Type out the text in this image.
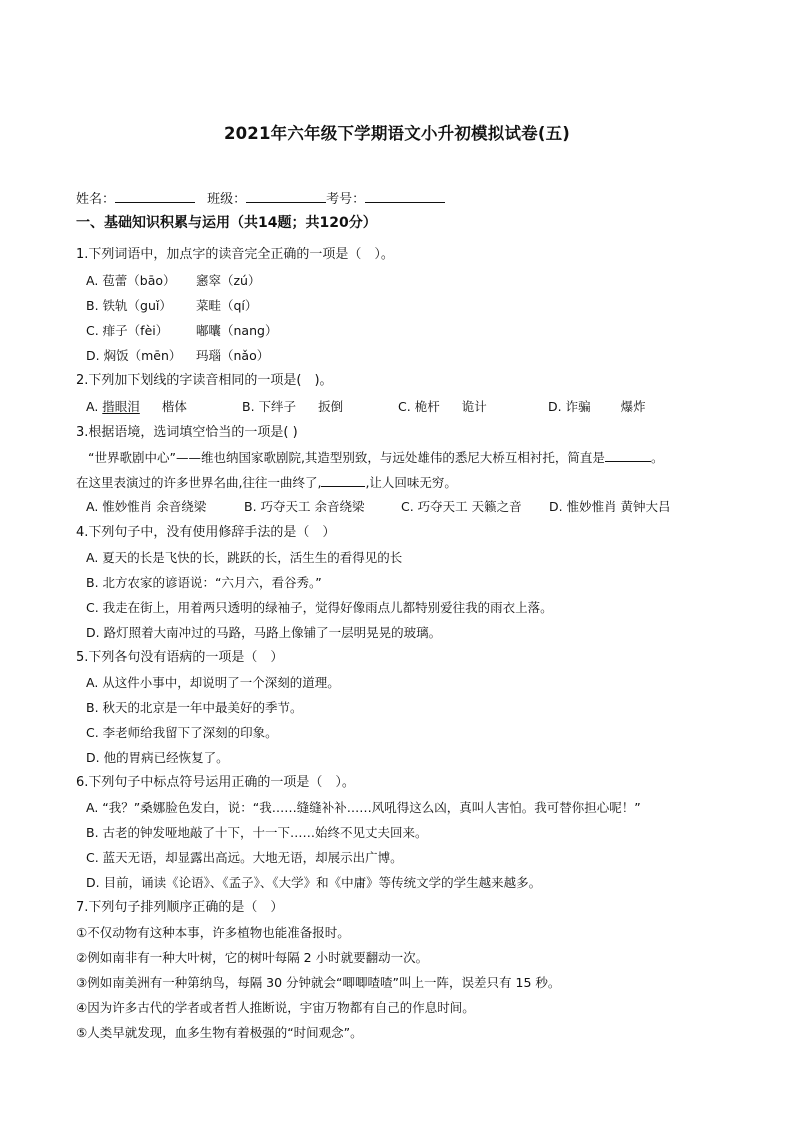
2021年六年级下学期语文小升初模拟试卷(五)
姓名：	班级：	考号：
一、基础知识积累与运用（共14题；共120分）
1.下列词语中，加点字的读音完全正确的一项是（　）。
A. 苞蕾（bāo） 窸窣（zú）
B. 铁轨（guǐ） 菜畦（qí）
C. 痱子（fèi） 嘟囔（nang）
D. 焖饭（mēn） 玛瑙（nǎo）
2.下列加下划线的字读音相同的一项是(　)。
A. 揩眼泪 楷体	B. 下绊子 扳倒	C. 桅杆 诡计	D. 诈骗 爆炸
3.根据语境，选词填空恰当的一项是( )
“世界歌剧中心”——维也纳国家歌剧院,其造型别致，与远处雄伟的悉尼大桥互相衬托，简直是	。
在这里表演过的许多世界名曲,往往一曲终了,	,让人回味无穷。
A. 惟妙惟肖 余音绕梁	B. 巧夺天工 余音绕梁	C. 巧夺天工 天籁之音 D. 惟妙惟肖 黄钟大吕
4.下列句子中，没有使用修辞手法的是（　）
A. 夏天的长是飞快的长，跳跃的长，活生生的看得见的长
B. 北方农家的谚语说：“六月六，看谷秀。”
C. 我走在街上，用着两只透明的绿袖子，觉得好像雨点儿都特别爱往我的雨衣上落。
D. 路灯照着大南冲过的马路，马路上像铺了一层明晃晃的玻璃。
5.下列各句没有语病的一项是（　）
A. 从这件小事中，却说明了一个深刻的道理。
B. 秋天的北京是一年中最美好的季节。
C. 李老师给我留下了深刻的印象。
D. 他的胃病已经恢复了。
6.下列句子中标点符号运用正确的一项是（　）。
A. “我？”桑娜脸色发白，说：“我……缝缝补补……风吼得这么凶，真叫人害怕。我可替你担心呢！”
B. 古老的钟发哑地敲了十下，十一下……始终不见丈夫回来。
C. 蓝天无语，却显露出高远。大地无语，却展示出广博。
D. 目前，诵读《论语》、《孟子》、《大学》和《中庸》等传统文学的学生越来越多。
7.下列句子排列顺序正确的是（　）
①不仅动物有这种本事，许多植物也能准备报时。
②例如南非有一种大叶树，它的树叶每隔 2 小时就要翻动一次。
③例如南美洲有一种第纳鸟，每隔 30 分钟就会“唧唧喳喳”叫上一阵，误差只有 15 秒。
④因为许多古代的学者或者哲人推断说，宇宙万物都有自己的作息时间。
⑤人类早就发现，血多生物有着极强的“时间观念”。
